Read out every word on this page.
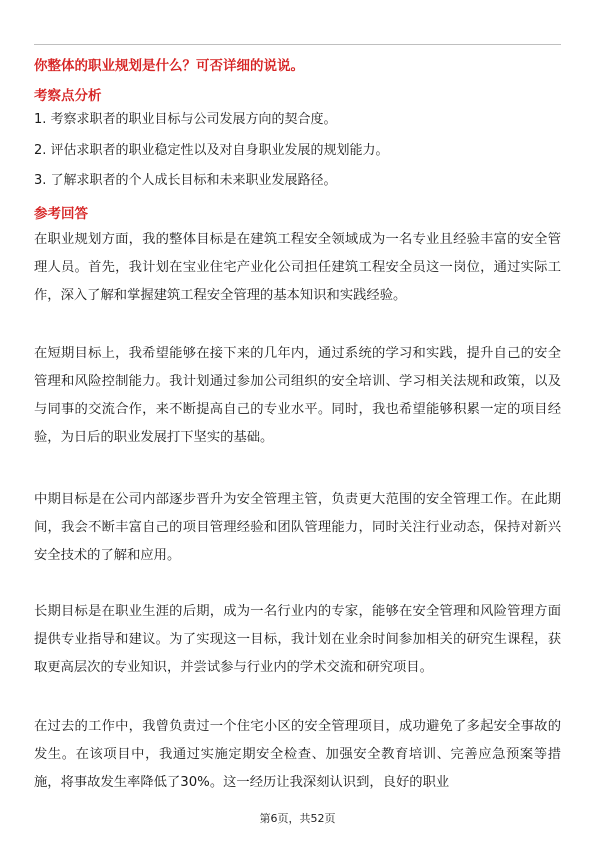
你整体的职业规划是什么？可否详细的说说。
考察点分析
1. 考察求职者的职业目标与公司发展方向的契合度。
2. 评估求职者的职业稳定性以及对自身职业发展的规划能力。
3. 了解求职者的个人成长目标和未来职业发展路径。
参考回答

在职业规划方面，我的整体目标是在建筑工程安全领域成为一名专业且经验丰富的安全管理人员。首先，我计划在宝业住宅产业化公司担任建筑工程安全员这一岗位，通过实际工作，深入了解和掌握建筑工程安全管理的基本知识和实践经验。

在短期目标上，我希望能够在接下来的几年内，通过系统的学习和实践，提升自己的安全管理和风险控制能力。我计划通过参加公司组织的安全培训、学习相关法规和政策，以及与同事的交流合作，来不断提高自己的专业水平。同时，我也希望能够积累一定的项目经验，为日后的职业发展打下坚实的基础。

中期目标是在公司内部逐步晋升为安全管理主管，负责更大范围的安全管理工作。在此期间，我会不断丰富自己的项目管理经验和团队管理能力，同时关注行业动态，保持对新兴安全技术的了解和应用。

长期目标是在职业生涯的后期，成为一名行业内的专家，能够在安全管理和风险管理方面提供专业指导和建议。为了实现这一目标，我计划在业余时间参加相关的研究生课程，获取更高层次的专业知识，并尝试参与行业内的学术交流和研究项目。

在过去的工作中，我曾负责过一个住宅小区的安全管理项目，成功避免了多起安全事故的发生。在该项目中，我通过实施定期安全检查、加强安全教育培训、完善应急预案等措施，将事故发生率降低了30%。这一经历让我深刻认识到，良好的职业

第6页，共52页
